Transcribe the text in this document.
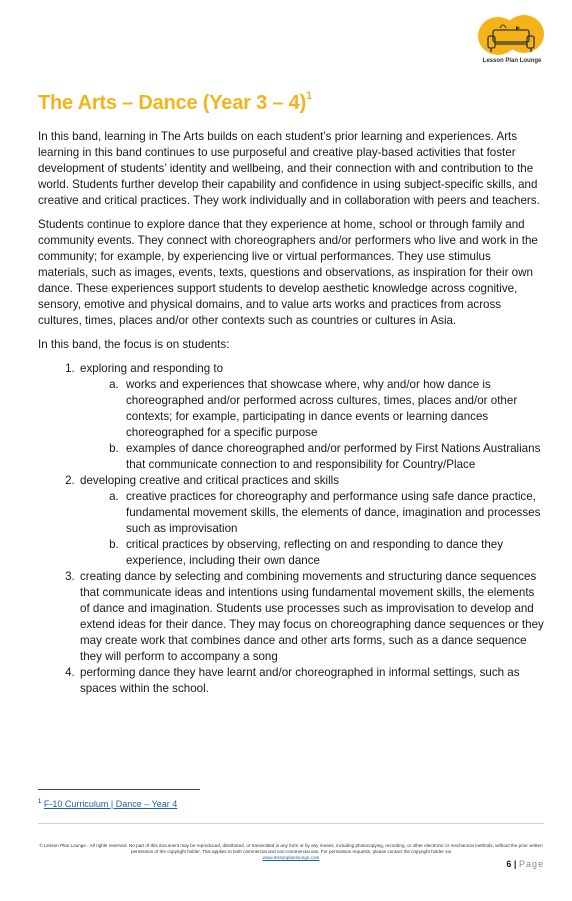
Lesson Plan Lounge
The Arts – Dance (Year 3 – 4)$^1$

In this band, learning in The Arts builds on each student’s prior learning and experiences. Arts learning in this band continues to use purposeful and creative play-based activities that foster development of students’ identity and wellbeing, and their connection with and contribution to the world. Students further develop their capability and confidence in using subject-specific skills, and creative and critical practices. They work individually and in collaboration with peers and teachers.

Students continue to explore dance that they experience at home, school or through family and community events. They connect with choreographers and/or performers who live and work in the community; for example, by experiencing live or virtual performances. They use stimulus materials, such as images, events, texts, questions and observations, as inspiration for their own dance. These experiences support students to develop aesthetic knowledge across cognitive, sensory, emotive and physical domains, and to value arts works and practices from across cultures, times, places and/or other contexts such as countries or cultures in Asia.

In this band, the focus is on students:

1. exploring and responding to
a. works and experiences that showcase where, why and/or how dance is choreographed and/or performed across cultures, times, places and/or other contexts; for example, participating in dance events or learning dances choreographed for a specific purpose
b. examples of dance choreographed and/or performed by First Nations Australians that communicate connection to and responsibility for Country/Place
2. developing creative and critical practices and skills
a. creative practices for choreography and performance using safe dance practice, fundamental movement skills, the elements of dance, imagination and processes such as improvisation
b. critical practices by observing, reflecting on and responding to dance they experience, including their own dance
3. creating dance by selecting and combining movements and structuring dance sequences that communicate ideas and intentions using fundamental movement skills, the elements of dance and imagination. Students use processes such as improvisation to develop and extend ideas for their dance. They may focus on choreographing dance sequences or they may create work that combines dance and other arts forms, such as a dance sequence they will perform to accompany a song
4. performing dance they have learnt and/or choreographed in informal settings, such as spaces within the school.
$^1$ F-10 Curriculum | Dance – Year 4
© Lesson Plan Lounge - All rights reserved. No part of this document may be reproduced, distributed, or transmitted in any form or by any means, including photocopying, recording, or other electronic or mechanical methods, without the prior written permission of the copyright holder. This applies to both commercial and non-commercial use. For permission requests, please contact the copyright holder via
www.lessonplanlounge.com
6 | Page
